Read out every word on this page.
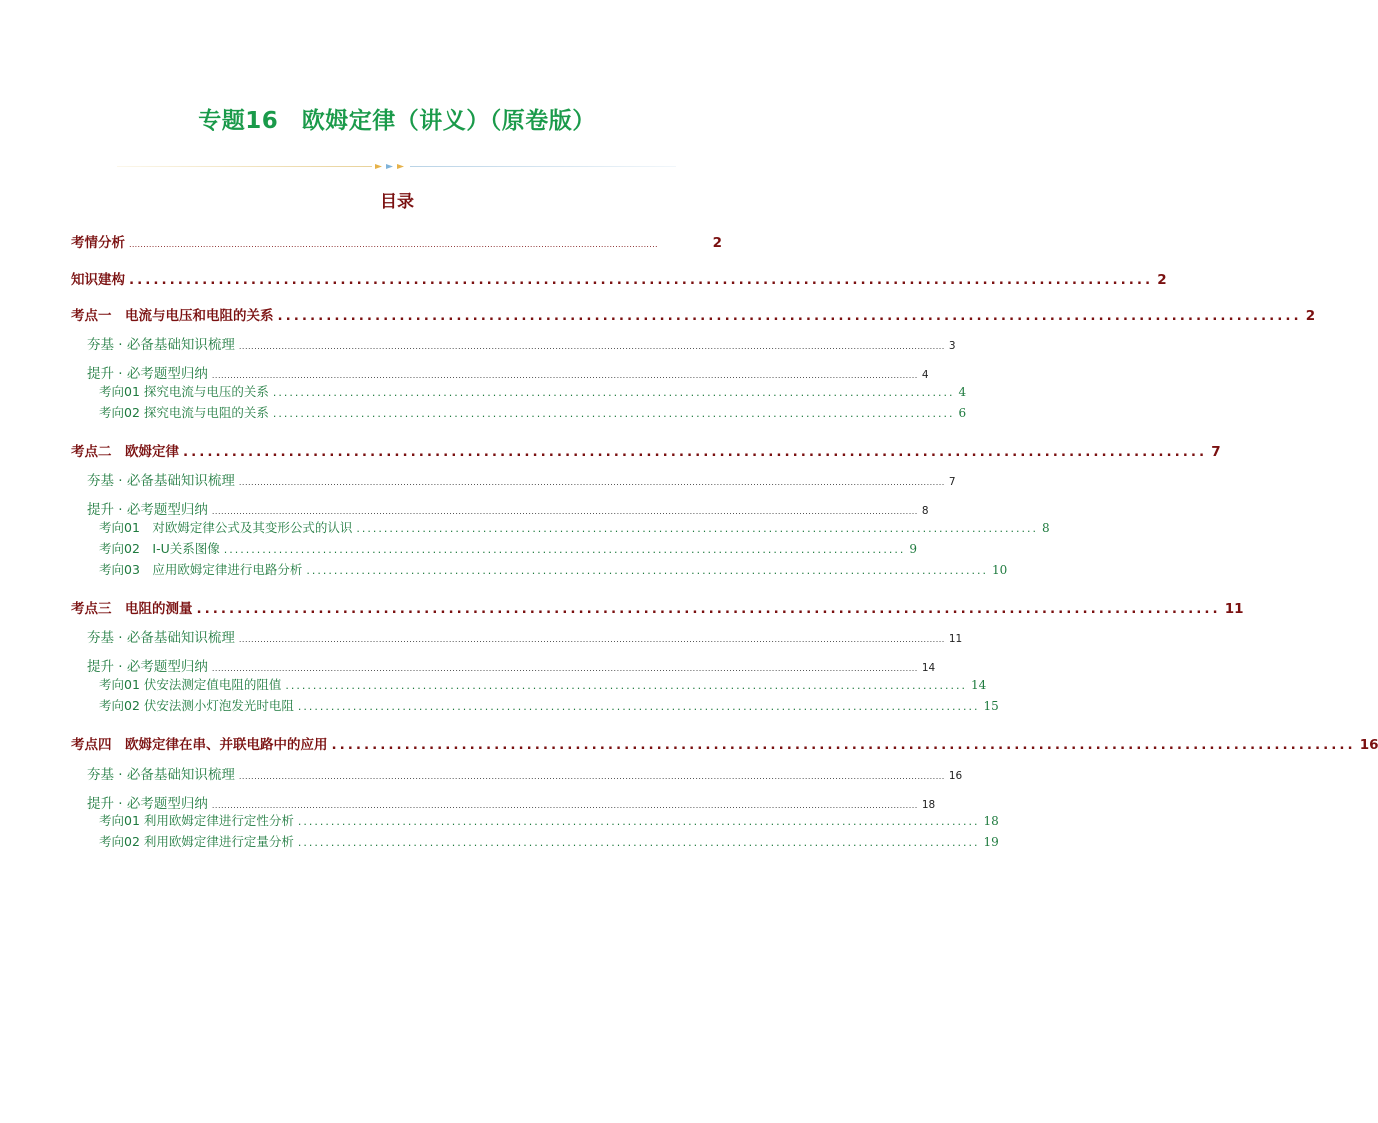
专题16　欧姆定律（讲义）（原卷版）
目录
考情分析 ..........................................................................................................................................................................................	2
知识建构 .............................................................................................................................. 2
考点一　电流与电压和电阻的关系 .............................................................................................................................. 2
夯基 · 必备基础知识梳理 ........................................................................................................................................................................................................................................ 3
提升 · 必考题型归纳 ........................................................................................................................................................................................................................................ 4
考向01 探究电流与电压的关系 ............................................................................................................................ 4
考向02 探究电流与电阻的关系 ............................................................................................................................ 6
考点二　欧姆定律 .............................................................................................................................. 7
夯基 · 必备基础知识梳理 ........................................................................................................................................................................................................................................ 7
提升 · 必考题型归纳 ........................................................................................................................................................................................................................................ 8
考向01　对欧姆定律公式及其变形公式的认识 ............................................................................................................................ 8
考向02　I-U关系图像 ............................................................................................................................ 9
考向03　应用欧姆定律进行电路分析 ............................................................................................................................ 10
考点三　电阻的测量 .............................................................................................................................. 11
夯基 · 必备基础知识梳理 ........................................................................................................................................................................................................................................ 11
提升 · 必考题型归纳 ........................................................................................................................................................................................................................................ 14
考向01 伏安法测定值电阻的阻值 ............................................................................................................................ 14
考向02 伏安法测小灯泡发光时电阻 ............................................................................................................................ 15
考点四　欧姆定律在串、并联电路中的应用 .............................................................................................................................. 16
夯基 · 必备基础知识梳理 ........................................................................................................................................................................................................................................ 16
提升 · 必考题型归纳 ........................................................................................................................................................................................................................................ 18
考向01 利用欧姆定律进行定性分析 ............................................................................................................................ 18
考向02 利用欧姆定律进行定量分析 ............................................................................................................................ 19
